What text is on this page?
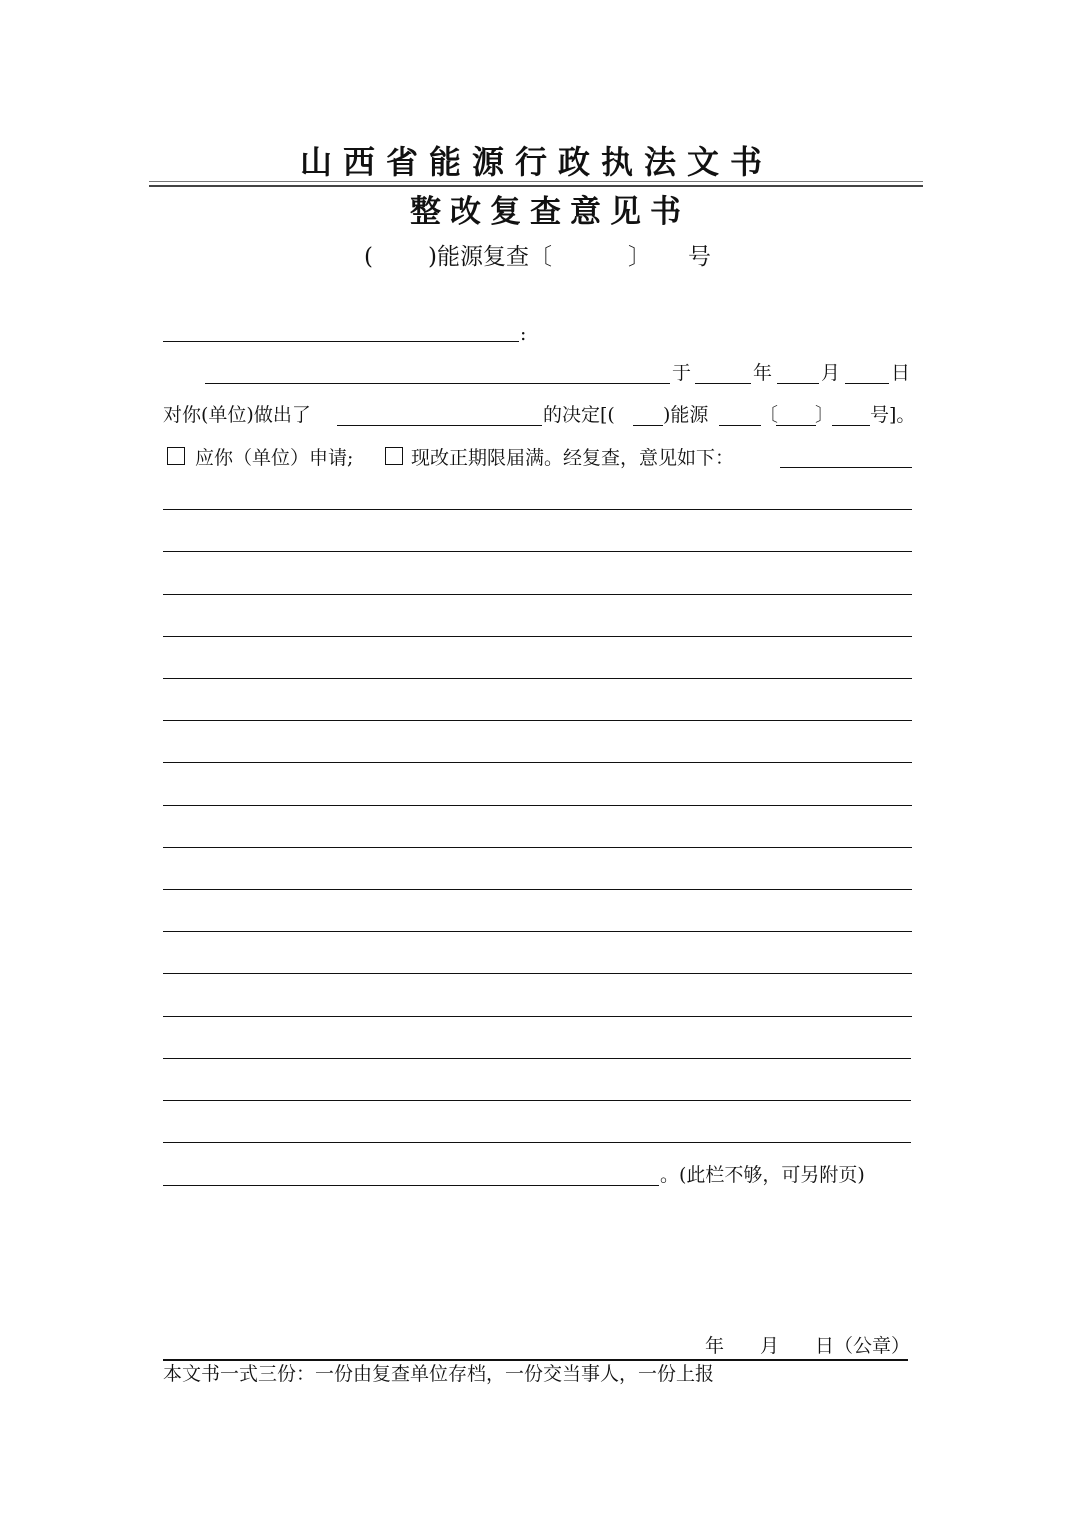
山西省能源行政执法文书
整改复查意见书
( )能源复查〔	〕 号
:
于	年	月	日
对你(单位)做出了	的决定[(	)能源	〔 〕 号]。
应你（单位）申请;	现改正期限届满。经复查，意见如下：
。(此栏不够，可另附页)
年 月 日（公章）
本文书一式三份：一份由复查单位存档，一份交当事人，一份上报
